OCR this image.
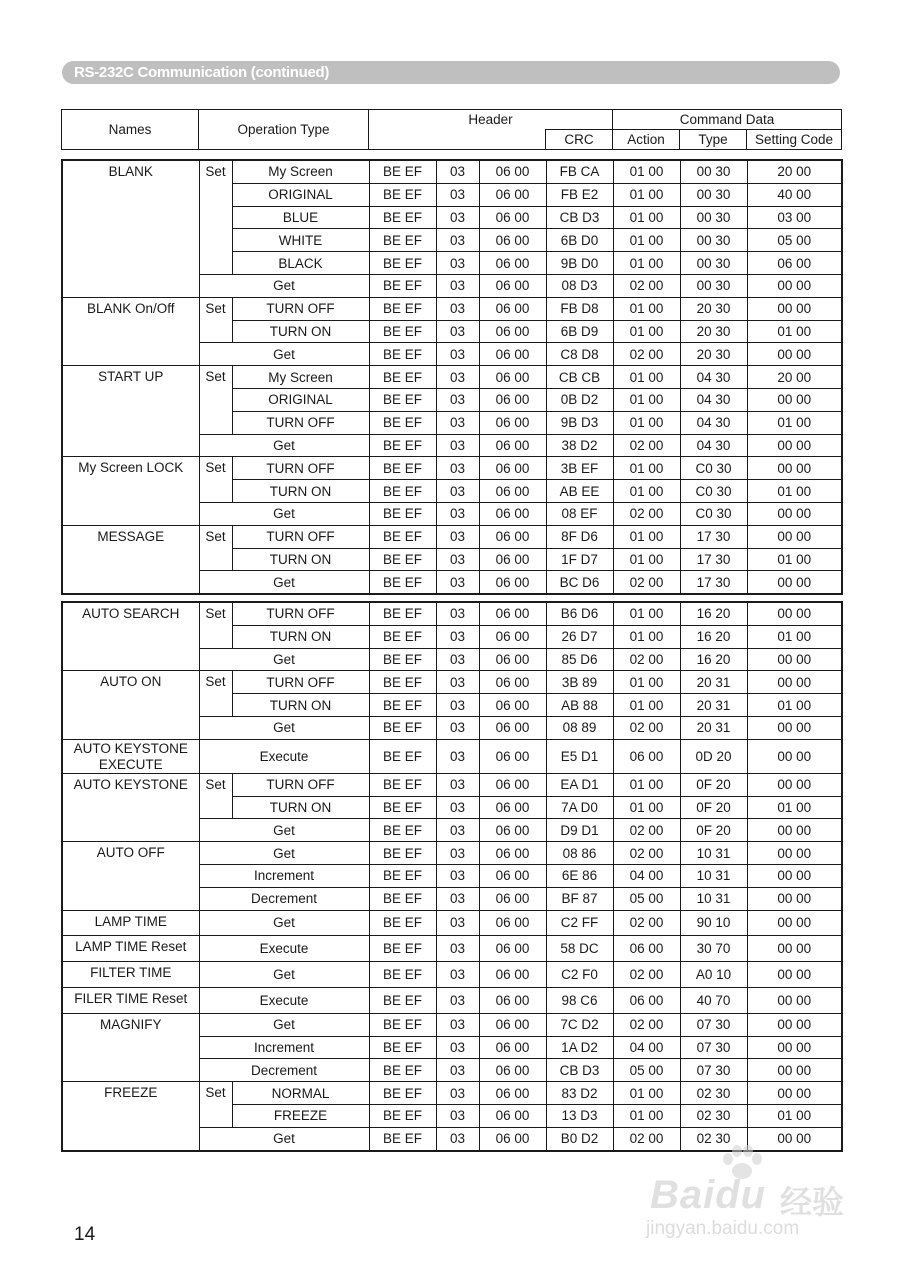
RS-232C Communication (continued)
Names	Operation Type	Header		Command Data		
			CRC	Action	Type	Setting Code
BLANK	Set	My Screen	BE EF	03	06 00	FB CA	01 00	00 30	20 00
		ORIGINAL	BE EF	03	06 00	FB E2	01 00	00 30	40 00
		BLUE	BE EF	03	06 00	CB D3	01 00	00 30	03 00
		WHITE	BE EF	03	06 00	6B D0	01 00	00 30	05 00
		BLACK	BE EF	03	06 00	9B D0	01 00	00 30	06 00
	Get		BE EF	03	06 00	08 D3	02 00	00 30	00 00
BLANK On/Off	Set	TURN OFF	BE EF	03	06 00	FB D8	01 00	20 30	00 00
		TURN ON	BE EF	03	06 00	6B D9	01 00	20 30	01 00
	Get		BE EF	03	06 00	C8 D8	02 00	20 30	00 00
START UP	Set	My Screen	BE EF	03	06 00	CB CB	01 00	04 30	20 00
		ORIGINAL	BE EF	03	06 00	0B D2	01 00	04 30	00 00
		TURN OFF	BE EF	03	06 00	9B D3	01 00	04 30	01 00
	Get		BE EF	03	06 00	38 D2	02 00	04 30	00 00
My Screen LOCK	Set	TURN OFF	BE EF	03	06 00	3B EF	01 00	C0 30	00 00
		TURN ON	BE EF	03	06 00	AB EE	01 00	C0 30	01 00
	Get		BE EF	03	06 00	08 EF	02 00	C0 30	00 00
MESSAGE	Set	TURN OFF	BE EF	03	06 00	8F D6	01 00	17 30	00 00
		TURN ON	BE EF	03	06 00	1F D7	01 00	17 30	01 00
	Get		BE EF	03	06 00	BC D6	02 00	17 30	00 00
AUTO SEARCH	Set	TURN OFF	BE EF	03	06 00	B6 D6	01 00	16 20	00 00
		TURN ON	BE EF	03	06 00	26 D7	01 00	16 20	01 00
	Get		BE EF	03	06 00	85 D6	02 00	16 20	00 00
AUTO ON	Set	TURN OFF	BE EF	03	06 00	3B 89	01 00	20 31	00 00
		TURN ON	BE EF	03	06 00	AB 88	01 00	20 31	01 00
	Get		BE EF	03	06 00	08 89	02 00	20 31	00 00
AUTO KEYSTONE EXECUTE	Execute		BE EF	03	06 00	E5 D1	06 00	0D 20	00 00
AUTO KEYSTONE	Set	TURN OFF	BE EF	03	06 00	EA D1	01 00	0F 20	00 00
		TURN ON	BE EF	03	06 00	7A D0	01 00	0F 20	01 00
	Get		BE EF	03	06 00	D9 D1	02 00	0F 20	00 00
AUTO OFF	Get		BE EF	03	06 00	08 86	02 00	10 31	00 00
	Increment		BE EF	03	06 00	6E 86	04 00	10 31	00 00
	Decrement		BE EF	03	06 00	BF 87	05 00	10 31	00 00
LAMP TIME	Get		BE EF	03	06 00	C2 FF	02 00	90 10	00 00
LAMP TIME Reset	Execute		BE EF	03	06 00	58 DC	06 00	30 70	00 00
FILTER TIME	Get		BE EF	03	06 00	C2 F0	02 00	A0 10	00 00
FILER TIME Reset	Execute		BE EF	03	06 00	98 C6	06 00	40 70	00 00
MAGNIFY	Get		BE EF	03	06 00	7C D2	02 00	07 30	00 00
	Increment		BE EF	03	06 00	1A D2	04 00	07 30	00 00
	Decrement		BE EF	03	06 00	CB D3	05 00	07 30	00 00
FREEZE	Set	NORMAL	BE EF	03	06 00	83 D2	01 00	02 30	00 00
		FREEZE	BE EF	03	06 00	13 D3	01 00	02 30	01 00
	Get		BE EF	03	06 00	B0 D2	02 00	02 30	00 00
14
Baidu 经验
jingyan.baidu.com
